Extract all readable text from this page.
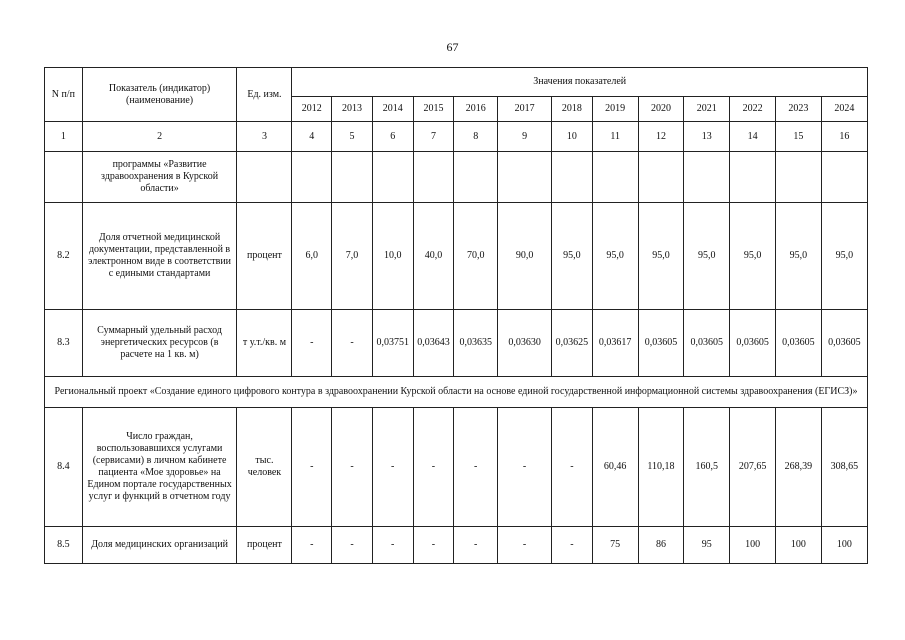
67
N п/п	Показатель (индикатор) (наименование)	Ед. изм.	Значения показателей												
			2012	2013	2014	2015	2016	2017	2018	2019	2020	2021	2022	2023	2024
1	2	3	4	5	6	7	8	9	10	11	12	13	14	15	16
	программы «Развитие здравоохранения в Курской области»														
8.2	Доля отчетной медицинской документации, представленной в электронном виде в соответствии с едиными стандартами	процент	6,0	7,0	10,0	40,0	70,0	90,0	95,0	95,0	95,0	95,0	95,0	95,0	95,0
8.3	Суммарный удельный расход энергетических ресурсов (в расчете на 1 кв. м)	т у.т./кв. м	-	-	0,03751	0,03643	0,03635	0,03630	0,03625	0,03617	0,03605	0,03605	0,03605	0,03605	0,03605
Региональный проект «Создание единого цифрового контура в здравоохранении Курской области на основе единой государственной информационной системы здравоохранения (ЕГИСЗ)»															
8.4	Число граждан, воспользовавшихся услугами (сервисами) в личном кабинете пациента «Мое здоровье» на Едином портале государственных услуг и функций в отчетном году	тыс. человек	-	-	-	-	-	-	-	60,46	110,18	160,5	207,65	268,39	308,65
8.5	Доля медицинских организаций	процент	-	-	-	-	-	-	-	75	86	95	100	100	100
